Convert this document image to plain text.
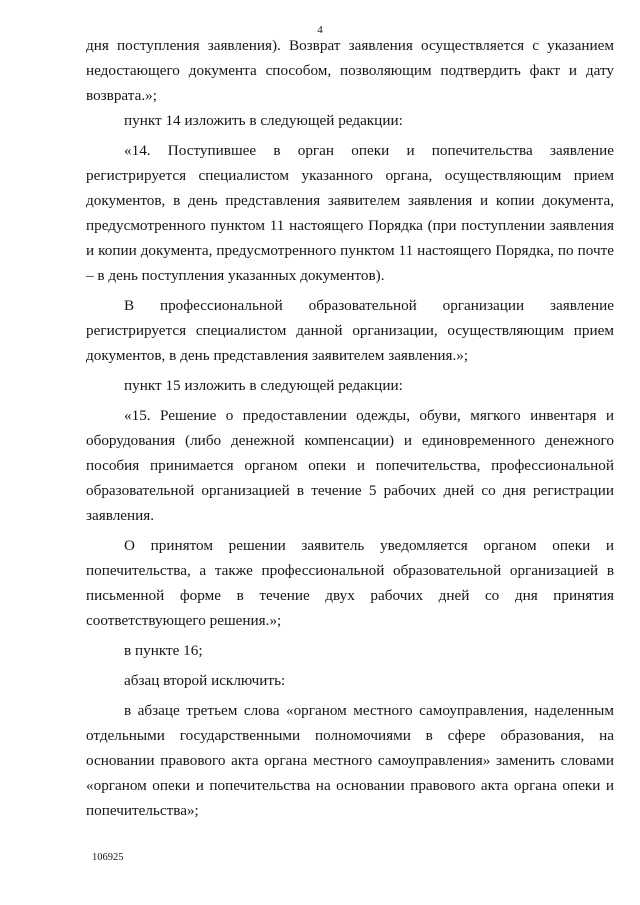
4

дня поступления заявления). Возврат заявления осуществляется с указанием недостающего документа способом, позволяющим подтвердить факт и дату возврата.»;

пункт 14 изложить в следующей редакции:

«14. Поступившее в орган опеки и попечительства заявление регистрируется специалистом указанного органа, осуществляющим прием документов, в день представления заявителем заявления и копии документа, предусмотренного пунктом 11 настоящего Порядка (при поступлении заявления и копии документа, предусмотренного пунктом 11 настоящего Порядка, по почте – в день поступления указанных документов).

В профессиональной образовательной организации заявление регистрируется специалистом данной организации, осуществляющим прием документов, в день представления заявителем заявления.»;

пункт 15 изложить в следующей редакции:

«15. Решение о предоставлении одежды, обуви, мягкого инвентаря и оборудования (либо денежной компенсации) и единовременного денежного пособия принимается органом опеки и попечительства, профессиональной образовательной организацией в течение 5 рабочих дней со дня регистрации заявления.

О принятом решении заявитель уведомляется органом опеки и попечительства, а также профессиональной образовательной организацией в письменной форме в течение двух рабочих дней со дня принятия соответствующего решения.»;

в пункте 16;

абзац второй исключить:

в абзаце третьем слова «органом местного самоуправления, наделенным отдельными государственными полномочиями в сфере образования, на основании правового акта органа местного самоуправления» заменить словами «органом опеки и попечительства на основании правового акта органа опеки и попечительства»;

106925
